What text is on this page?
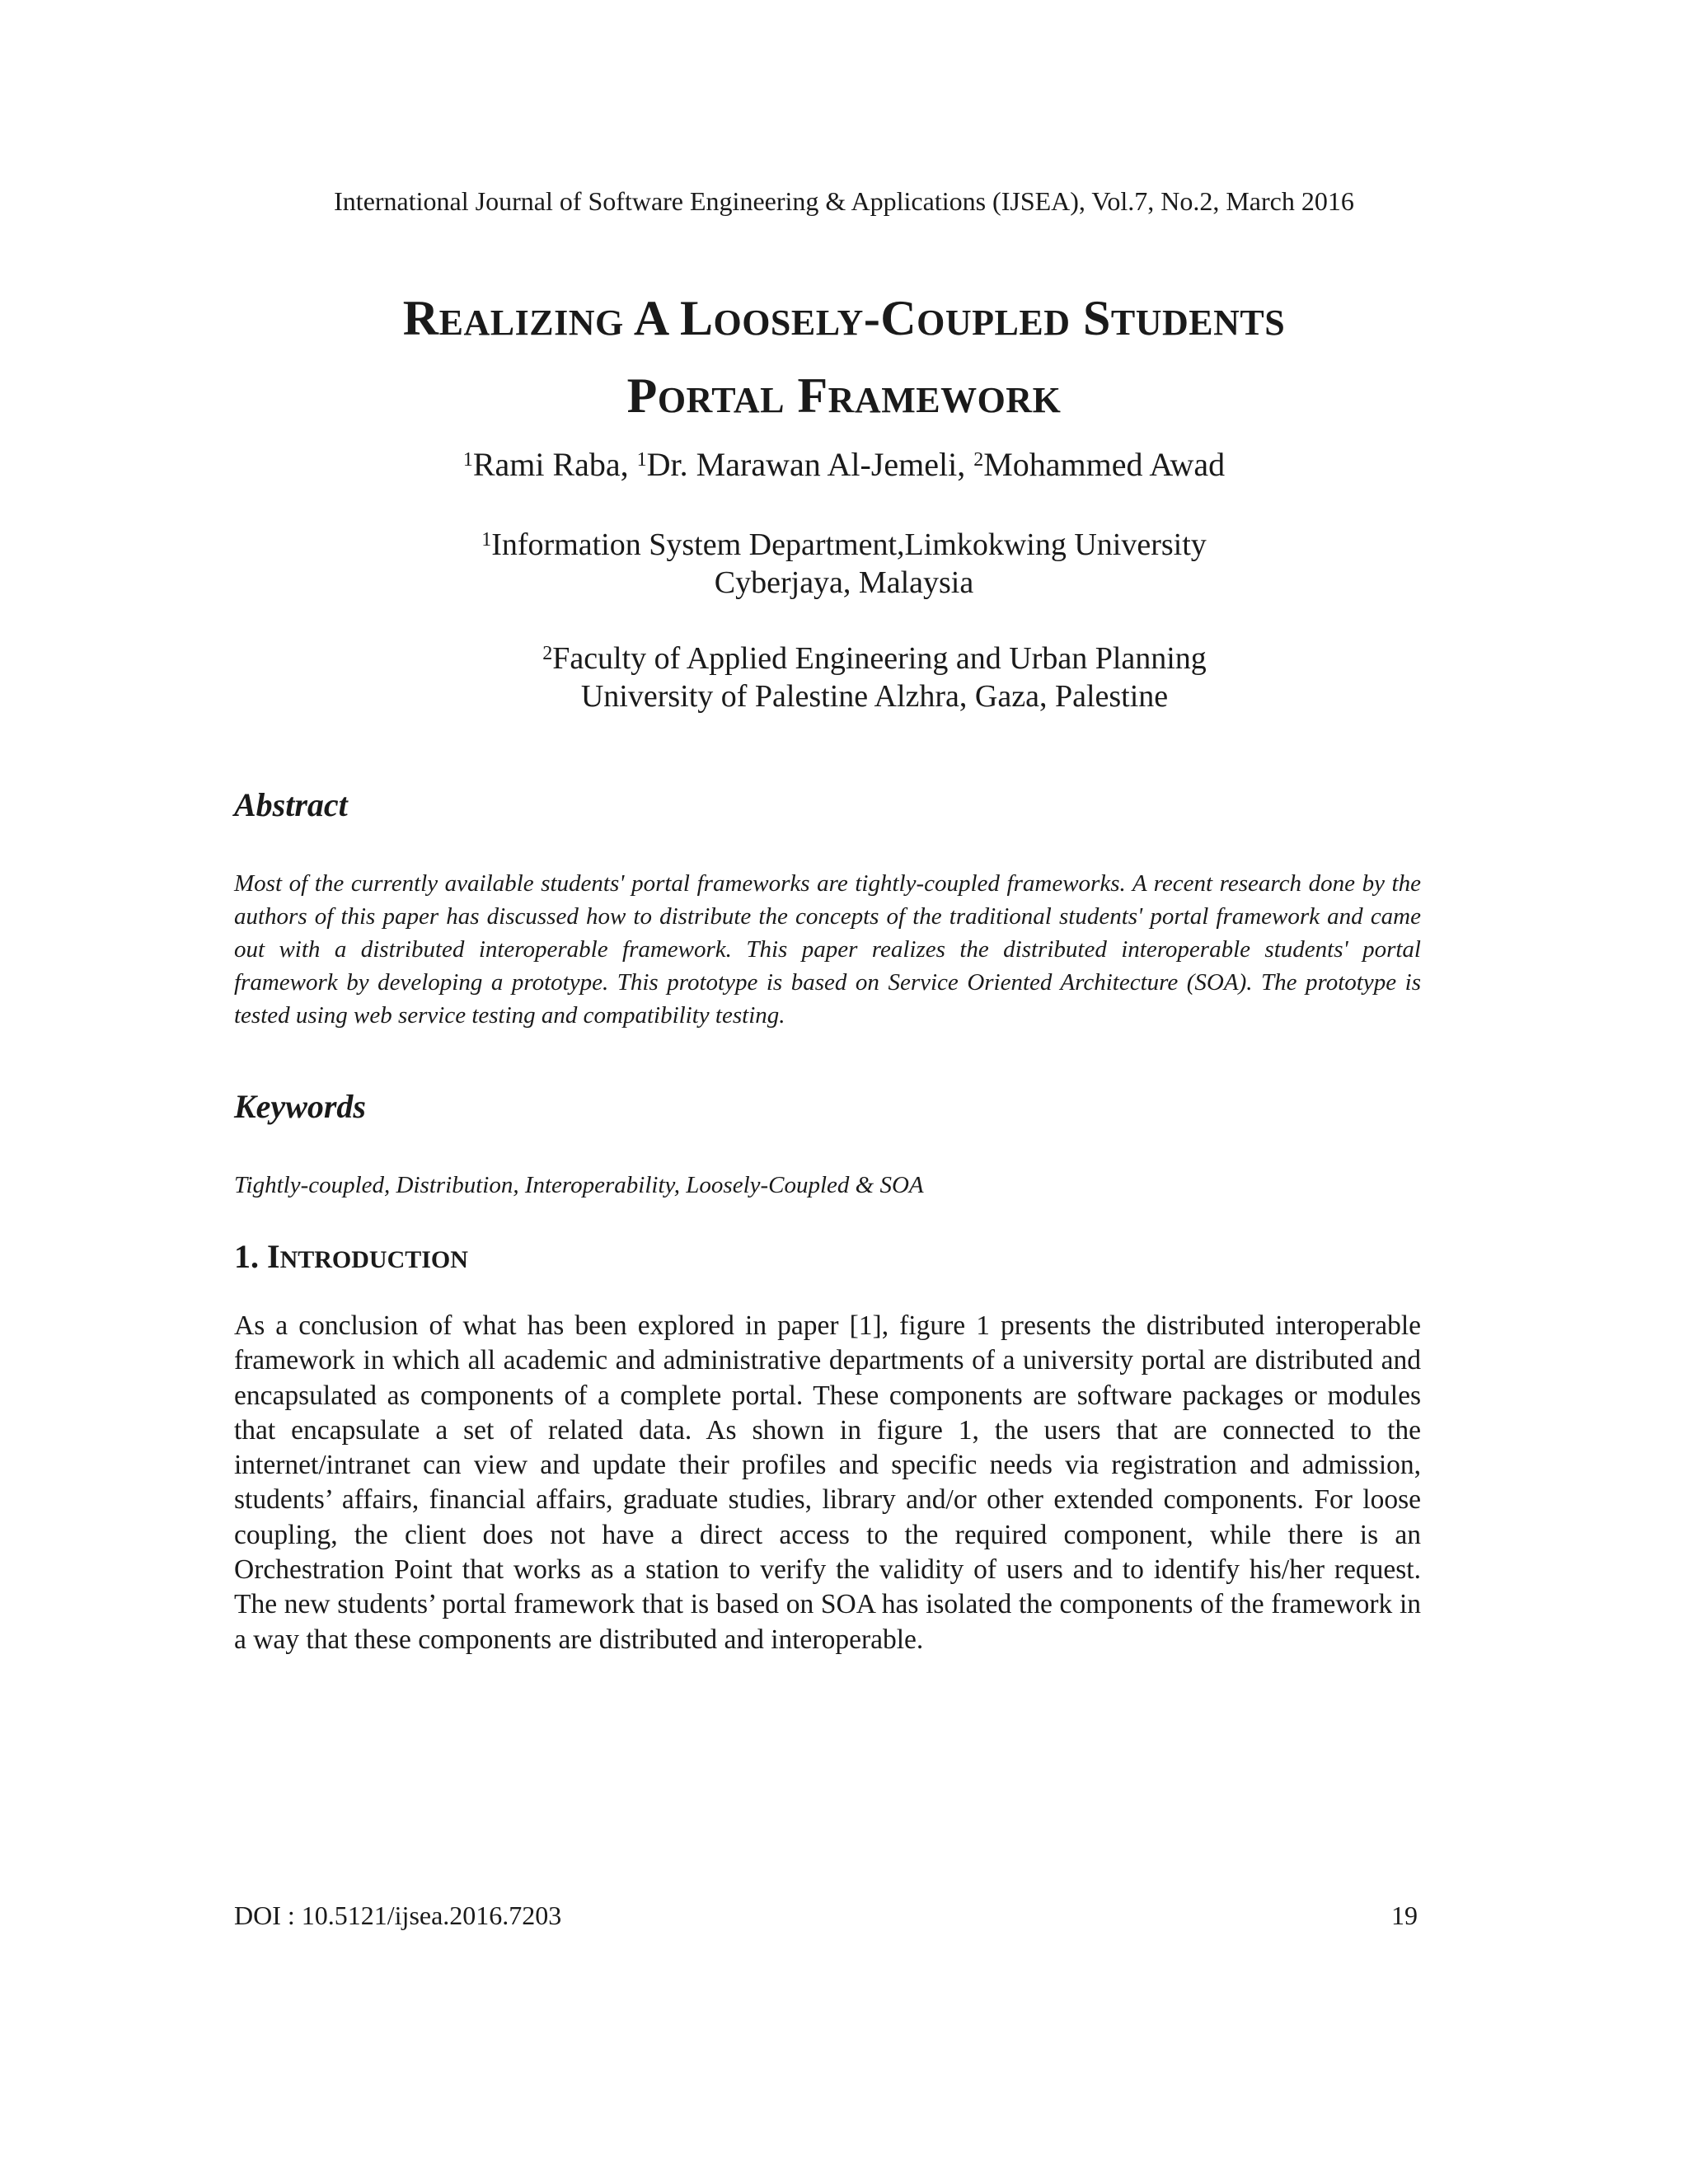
International Journal of Software Engineering & Applications (IJSEA), Vol.7, No.2, March 2016
REALIZING A LOOSELY-COUPLED STUDENTS
PORTAL FRAMEWORK
$^1$Rami Raba, $^1$Dr. Marawan Al-Jemeli, $^2$Mohammed Awad
$^1$Information System Department,Limkokwing University
Cyberjaya, Malaysia
$^2$Faculty of Applied Engineering and Urban Planning
University of Palestine Alzhra, Gaza, Palestine
Abstract
Most of the currently available students' portal frameworks are tightly-coupled frameworks. A recent research done by the authors of this paper has discussed how to distribute the concepts of the traditional students' portal framework and came out with a distributed interoperable framework. This paper realizes the distributed interoperable students' portal framework by developing a prototype. This prototype is based on Service Oriented Architecture (SOA). The prototype is tested using web service testing and compatibility testing.
Keywords
Tightly-coupled, Distribution, Interoperability, Loosely-Coupled & SOA
1. INTRODUCTION
As a conclusion of what has been explored in paper [1], figure 1 presents the distributed interoperable framework in which all academic and administrative departments of a university portal are distributed and encapsulated as components of a complete portal. These components are software packages or modules that encapsulate a set of related data. As shown in figure 1, the users that are connected to the internet/intranet can view and update their profiles and specific needs via registration and admission, students’ affairs, financial affairs, graduate studies, library and/or other extended components. For loose coupling, the client does not have a direct access to the required component, while there is an Orchestration Point that works as a station to verify the validity of users and to identify his/her request. The new students’ portal framework that is based on SOA has isolated the components of the framework in a way that these components are distributed and interoperable.
DOI : 10.5121/ijsea.2016.7203	19
